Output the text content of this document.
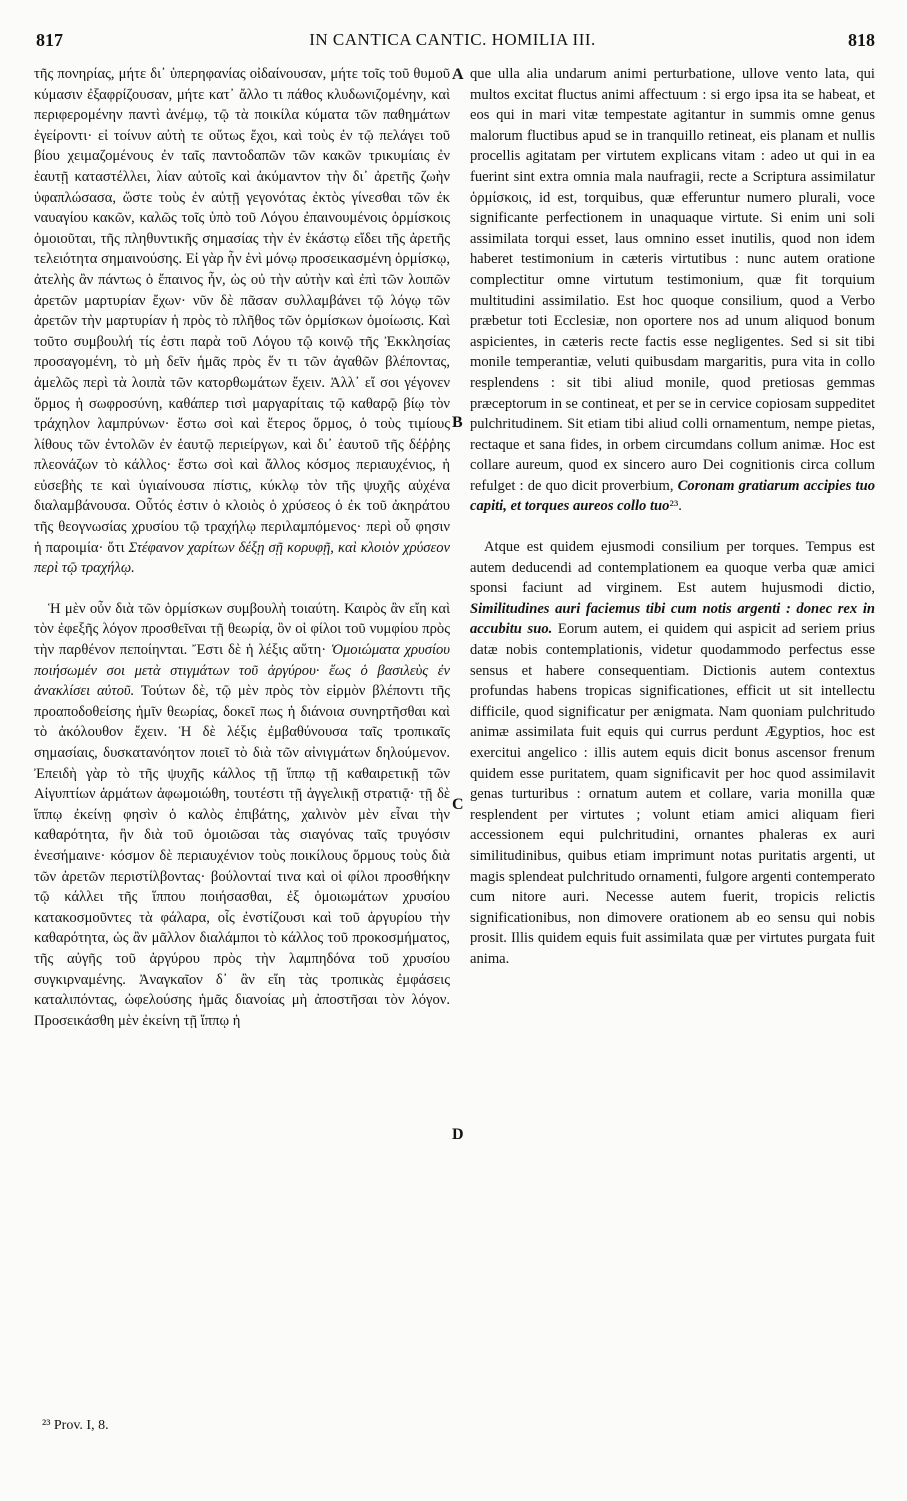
817	IN CANTICA CANTIC. HOMILIA III.	818
A
B
C
D

τῆς πονηρίας, μήτε δι᾽ ὑπερηφανίας οἰδαίνουσαν, μήτε τοῖς τοῦ θυμοῦ κύμασιν ἐξαφρίζουσαν, μήτε κατ᾽ ἄλλο τι πάθος κλυδωνιζομένην, καὶ περιφερομένην παντὶ ἀνέμῳ, τῷ τὰ ποικίλα κύματα τῶν παθημάτων ἐγείροντι· εἰ τοίνυν αὐτὴ τε οὕτως ἔχοι, καὶ τοὺς ἐν τῷ πελάγει τοῦ βίου χειμαζομένους ἐν ταῖς παντοδαπῶν τῶν κακῶν τρικυμίαις ἐν ἑαυτῇ καταστέλλει, λίαν αὐτοῖς καὶ ἀκύμαντον τὴν δι᾽ ἀρετῆς ζωὴν ὑφαπλώσασα, ὥστε τοὺς ἐν αὐτῇ γεγονότας ἐκτὸς γίνεσθαι τῶν ἐκ ναυαγίου κακῶν, καλῶς τοῖς ὑπὸ τοῦ Λόγου ἐπαινουμένοις ὁρμίσκοις ὁμοιοῦται, τῆς πληθυντικῆς σημασίας τὴν ἐν ἑκάστῳ εἴδει τῆς ἀρετῆς τελειότητα σημαινούσης. Εἰ γὰρ ἦν ἑνὶ μόνῳ προσεικασμένη ὁρμίσκῳ, ἀτελὴς ἂν πάντως ὁ ἔπαινος ἦν, ὡς οὐ τὴν αὐτὴν καὶ ἐπὶ τῶν λοιπῶν ἀρετῶν μαρτυρίαν ἔχων· νῦν δὲ πᾶσαν συλλαμβάνει τῷ λόγῳ τῶν ἀρετῶν τὴν μαρτυρίαν ἡ πρὸς τὸ πλῆθος τῶν ὁρμίσκων ὁμοίωσις. Καὶ τοῦτο συμβουλή τίς ἐστι παρὰ τοῦ Λόγου τῷ κοινῷ τῆς Ἐκκλησίας προσαγομένη, τὸ μὴ δεῖν ἡμᾶς πρὸς ἕν τι τῶν ἀγαθῶν βλέποντας, ἀμελῶς περὶ τὰ λοιπὰ τῶν κατορθωμάτων ἔχειν. Ἀλλ᾽ εἴ σοι γέγονεν ὅρμος ἡ σωφροσύνη, καθάπερ τισὶ μαργαρίταις τῷ καθαρῷ βίῳ τὸν τράχηλον λαμπρύνων· ἔστω σοὶ καὶ ἕτερος ὅρμος, ὁ τοὺς τιμίους λίθους τῶν ἐντολῶν ἐν ἑαυτῷ περιείργων, καὶ δι᾽ ἑαυτοῦ τῆς δέῤῥης πλεονάζων τὸ κάλλος· ἔστω σοὶ καὶ ἄλλος κόσμος περιαυχένιος, ἡ εὐσεβὴς τε καὶ ὑγιαίνουσα πίστις, κύκλῳ τὸν τῆς ψυχῆς αὐχένα διαλαμβάνουσα. Οὗτός ἐστιν ὁ κλοιὸς ὁ χρύσεος ὁ ἐκ τοῦ ἀκηράτου τῆς θεογνωσίας χρυσίου τῷ τραχήλῳ περιλαμπόμενος· περὶ οὗ φησιν ἡ παροιμία· ὅτι Στέφανον χαρίτων δέξῃ σῇ κορυφῇ, καὶ κλοιὸν χρύσεον περὶ τῷ τραχήλῳ.

Ἡ μὲν οὖν διὰ τῶν ὁρμίσκων συμβουλὴ τοιαύτη. Καιρὸς ἂν εἴη καὶ τὸν ἐφεξῆς λόγον προσθεῖναι τῇ θεωρίᾳ, ὃν οἱ φίλοι τοῦ νυμφίου πρὸς τὴν παρθένον πεποίηνται. Ἔστι δὲ ἡ λέξις αὕτη· Ὁμοιώματα χρυσίου ποιήσωμέν σοι μετὰ στιγμάτων τοῦ ἀργύρου· ἕως ὁ βασιλεὺς ἐν ἀνακλίσει αὐτοῦ. Τούτων δὲ, τῷ μὲν πρὸς τὸν εἱρμὸν βλέποντι τῆς προαποδοθείσης ἡμῖν θεωρίας, δοκεῖ πως ἡ διάνοια συνηρτῆσθαι καὶ τὸ ἀκόλουθον ἔχειν. Ἡ δὲ λέξις ἐμβαθύνουσα ταῖς τροπικαῖς σημασίαις, δυσκατανόητον ποιεῖ τὸ διὰ τῶν αἰνιγμάτων δηλούμενον. Ἐπειδὴ γὰρ τὸ τῆς ψυχῆς κάλλος τῇ ἵππῳ τῇ καθαιρετικῇ τῶν Αἰγυπτίων ἁρμάτων ἀφωμοιώθη, τουτέστι τῇ ἀγγελικῇ στρατιᾷ· τῇ δὲ ἵππῳ ἐκείνῃ φησὶν ὁ καλὸς ἐπιβάτης, χαλινὸν μὲν εἶναι τὴν καθαρότητα, ἣν διὰ τοῦ ὁμοιῶσαι τὰς σιαγόνας ταῖς τρυγόσιν ἐνεσήμαινε· κόσμον δὲ περιαυχένιον τοὺς ποικίλους ὅρμους τοὺς διὰ τῶν ἀρετῶν περιστίλβοντας· βούλονταί τινα καὶ οἱ φίλοι προσθήκην τῷ κάλλει τῆς ἵππου ποιήσασθαι, ἐξ ὁμοιωμάτων χρυσίου κατακοσμοῦντες τὰ φάλαρα, οἷς ἐνστίζουσι καὶ τοῦ ἀργυρίου τὴν καθαρότητα, ὡς ἂν μᾶλλον διαλάμποι τὸ κάλλος τοῦ προκοσμήματος, τῆς αὐγῆς τοῦ ἀργύρου πρὸς τὴν λαμπηδόνα τοῦ χρυσίου συγκιρναμένης. Ἀναγκαῖον δ᾽ ἂν εἴη τὰς τροπικὰς ἐμφάσεις καταλιπόντας, ὠφελούσης ἡμᾶς διανοίας μὴ ἀποστῆσαι τὸν λόγον. Προσεικάσθη μὲν ἐκείνη τῇ ἵππῳ ἡ

que ulla alia undarum animi perturbatione, ullove vento lata, qui multos excitat fluctus animi affectuum : si ergo ipsa ita se habeat, et eos qui in mari vitæ tempestate agitantur in summis omne genus malorum fluctibus apud se in tranquillo retineat, eis planam et nullis procellis agitatam per virtutem explicans vitam : adeo ut qui in ea fuerint sint extra omnia mala naufragii, recte a Scriptura assimilatur ὁρμίσκοις, id est, torquibus, quæ efferuntur numero plurali, voce significante perfectionem in unaquaque virtute. Si enim uni soli assimilata torqui esset, laus omnino esset inutilis, quod non idem haberet testimonium in cæteris virtutibus : nunc autem oratione complectitur omne virtutum testimonium, quæ fit torquium multitudini assimilatio. Est hoc quoque consilium, quod a Verbo præbetur toti Ecclesiæ, non oportere nos ad unum aliquod bonum aspicientes, in cæteris recte factis esse negligentes. Sed si sit tibi monile temperantiæ, veluti quibusdam margaritis, pura vita in collo resplendens : sit tibi aliud monile, quod pretiosas gemmas præceptorum in se contineat, et per se in cervice copiosam suppeditet pulchritudinem. Sit etiam tibi aliud colli ornamentum, nempe pietas, rectaque et sana fides, in orbem circumdans collum animæ. Hoc est collare aureum, quod ex sincero auro Dei cognitionis circa collum refulget : de quo dicit proverbium, Coronam gratiarum accipies tuo capiti, et torques aureos collo tuo²³.

Atque est quidem ejusmodi consilium per torques. Tempus est autem deducendi ad contemplationem ea quoque verba quæ amici sponsi faciunt ad virginem. Est autem hujusmodi dictio, Similitudines auri faciemus tibi cum notis argenti : donec rex in accubitu suo. Eorum autem, ei quidem qui aspicit ad seriem prius datæ nobis contemplationis, videtur quodammodo perfectus esse sensus et habere consequentiam. Dictionis autem contextus profundas habens tropicas significationes, efficit ut sit intellectu difficile, quod significatur per ænigmata. Nam quoniam pulchritudo animæ assimilata fuit equis qui currus perdunt Ægyptios, hoc est exercitui angelico : illis autem equis dicit bonus ascensor frenum quidem esse puritatem, quam significavit per hoc quod assimilavit genas turturibus : ornatum autem et collare, varia monilla quæ resplendent per virtutes ; volunt etiam amici aliquam fieri accessionem equi pulchritudini, ornantes phaleras ex auri similitudinibus, quibus etiam imprimunt notas puritatis argenti, ut magis splendeat pulchritudo ornamenti, fulgore argenti contemperato cum nitore auri. Necesse autem fuerit, tropicis relictis significationibus, non dimovere orationem ab eo sensu qui nobis prosit. Illis quidem equis fuit assimilata quæ per virtutes purgata fuit anima.

²³ Prov. I, 8.
